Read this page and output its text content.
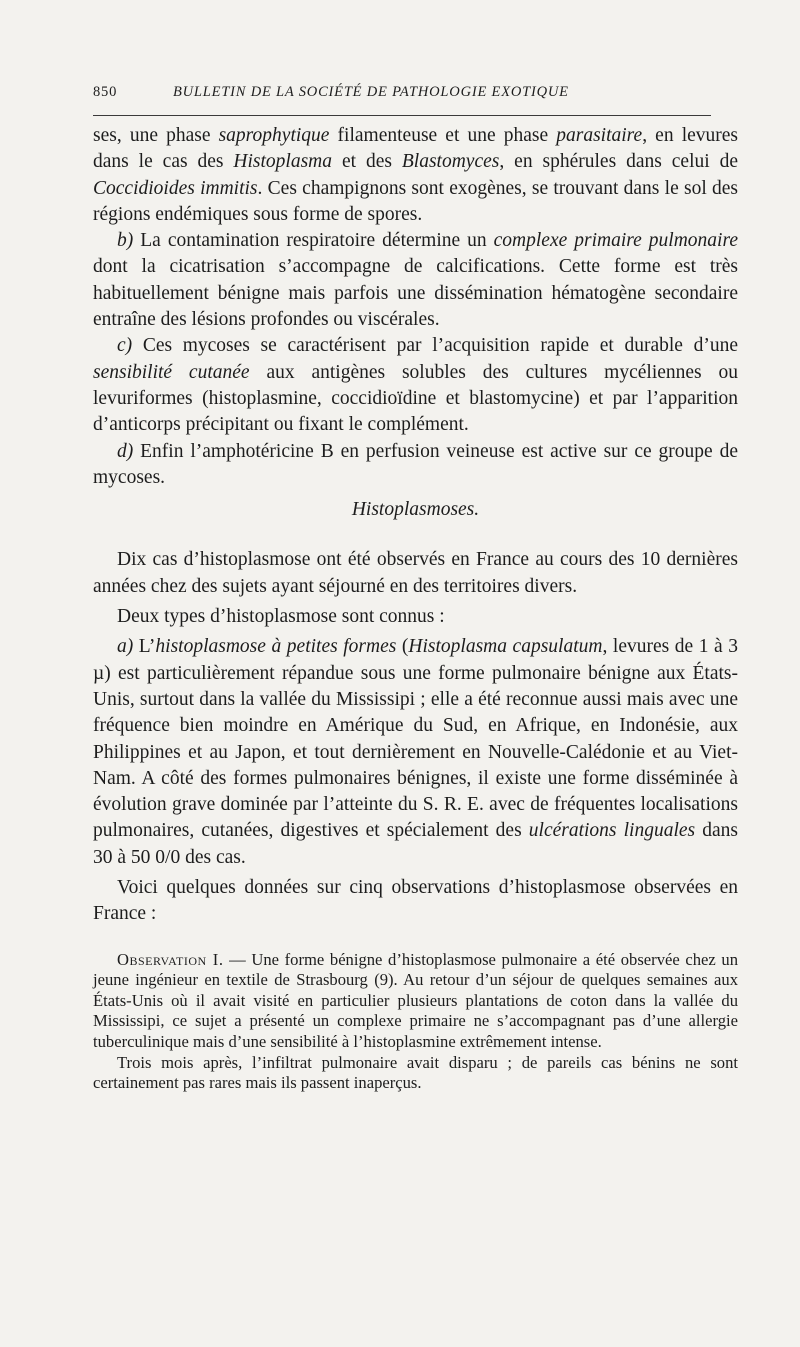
850	BULLETIN DE LA SOCIÉTÉ DE PATHOLOGIE EXOTIQUE

ses, une phase saprophytique filamenteuse et une phase parasitaire, en levures dans le cas des Histoplasma et des Blastomyces, en sphérules dans celui de Coccidioides immitis. Ces champignons sont exogènes, se trouvant dans le sol des régions endémiques sous forme de spores.

b) La contamination respiratoire détermine un complexe primaire pulmonaire dont la cicatrisation s’accompagne de calcifications. Cette forme est très habituellement bénigne mais parfois une dissémination hématogène secondaire entraîne des lésions profondes ou viscérales.

c) Ces mycoses se caractérisent par l’acquisition rapide et durable d’une sensibilité cutanée aux antigènes solubles des cultures mycéliennes ou levuriformes (histoplasmine, coccidioïdine et blastomycine) et par l’apparition d’anticorps précipitant ou fixant le complément.

d) Enfin l’amphotéricine B en perfusion veineuse est active sur ce groupe de mycoses.

Histoplasmoses.

Dix cas d’histoplasmose ont été observés en France au cours des 10 dernières années chez des sujets ayant séjourné en des territoires divers.

Deux types d’histoplasmose sont connus :

a) L’histoplasmose à petites formes (Histoplasma capsulatum, levures de 1 à 3 µ) est particulièrement répandue sous une forme pulmonaire bénigne aux États-Unis, surtout dans la vallée du Mississipi ; elle a été reconnue aussi mais avec une fréquence bien moindre en Amérique du Sud, en Afrique, en Indonésie, aux Philippines et au Japon, et tout dernièrement en Nouvelle-Calédonie et au Viet-Nam. A côté des formes pulmonaires bénignes, il existe une forme disséminée à évolution grave dominée par l’atteinte du S. R. E. avec de fréquentes localisations pulmonaires, cutanées, digestives et spécialement des ulcérations linguales dans 30 à 50 0/0 des cas.

Voici quelques données sur cinq observations d’histoplasmose observées en France :

Observation I. — Une forme bénigne d’histoplasmose pulmonaire a été observée chez un jeune ingénieur en textile de Strasbourg (9). Au retour d’un séjour de quelques semaines aux États-Unis où il avait visité en particulier plusieurs plantations de coton dans la vallée du Mississipi, ce sujet a présenté un complexe primaire ne s’accompagnant pas d’une allergie tuberculinique mais d’une sensibilité à l’histoplasmine extrêmement intense.

Trois mois après, l’infiltrat pulmonaire avait disparu ; de pareils cas bénins ne sont certainement pas rares mais ils passent inaperçus.
